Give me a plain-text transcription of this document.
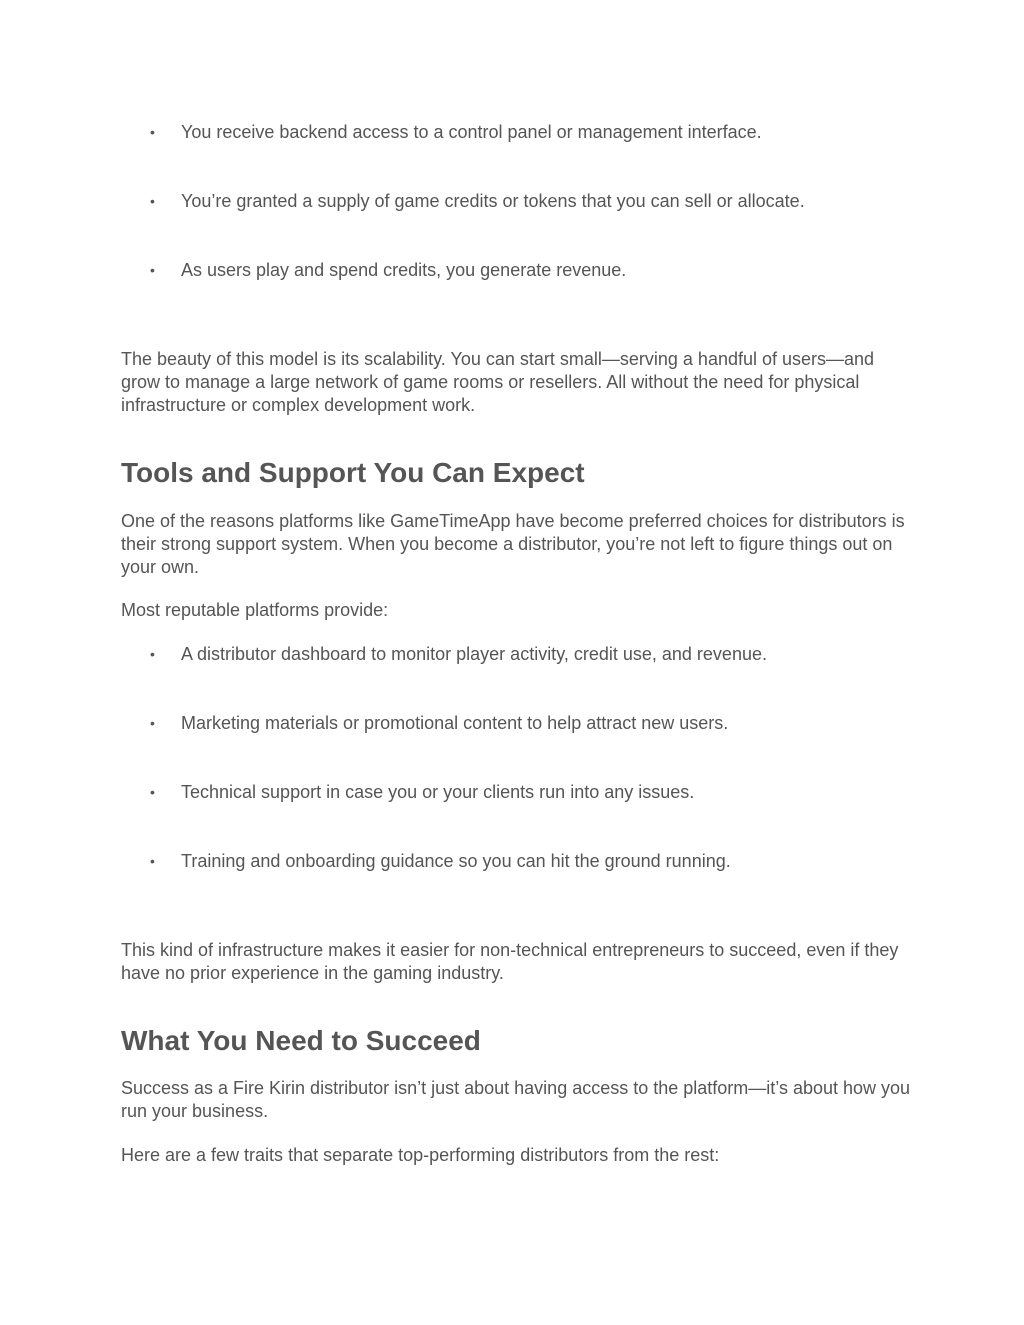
•	You receive backend access to a control panel or management interface.
•	You’re granted a supply of game credits or tokens that you can sell or allocate.
•	As users play and spend credits, you generate revenue.

The beauty of this model is its scalability. You can start small—serving a handful of users—and grow to manage a large network of game rooms or resellers. All without the need for physical infrastructure or complex development work.

Tools and Support You Can Expect

One of the reasons platforms like GameTimeApp have become preferred choices for distributors is their strong support system. When you become a distributor, you’re not left to figure things out on your own.

Most reputable platforms provide:

•	A distributor dashboard to monitor player activity, credit use, and revenue.
•	Marketing materials or promotional content to help attract new users.
•	Technical support in case you or your clients run into any issues.
•	Training and onboarding guidance so you can hit the ground running.

This kind of infrastructure makes it easier for non-technical entrepreneurs to succeed, even if they have no prior experience in the gaming industry.

What You Need to Succeed

Success as a Fire Kirin distributor isn’t just about having access to the platform—it’s about how you run your business.

Here are a few traits that separate top-performing distributors from the rest:
